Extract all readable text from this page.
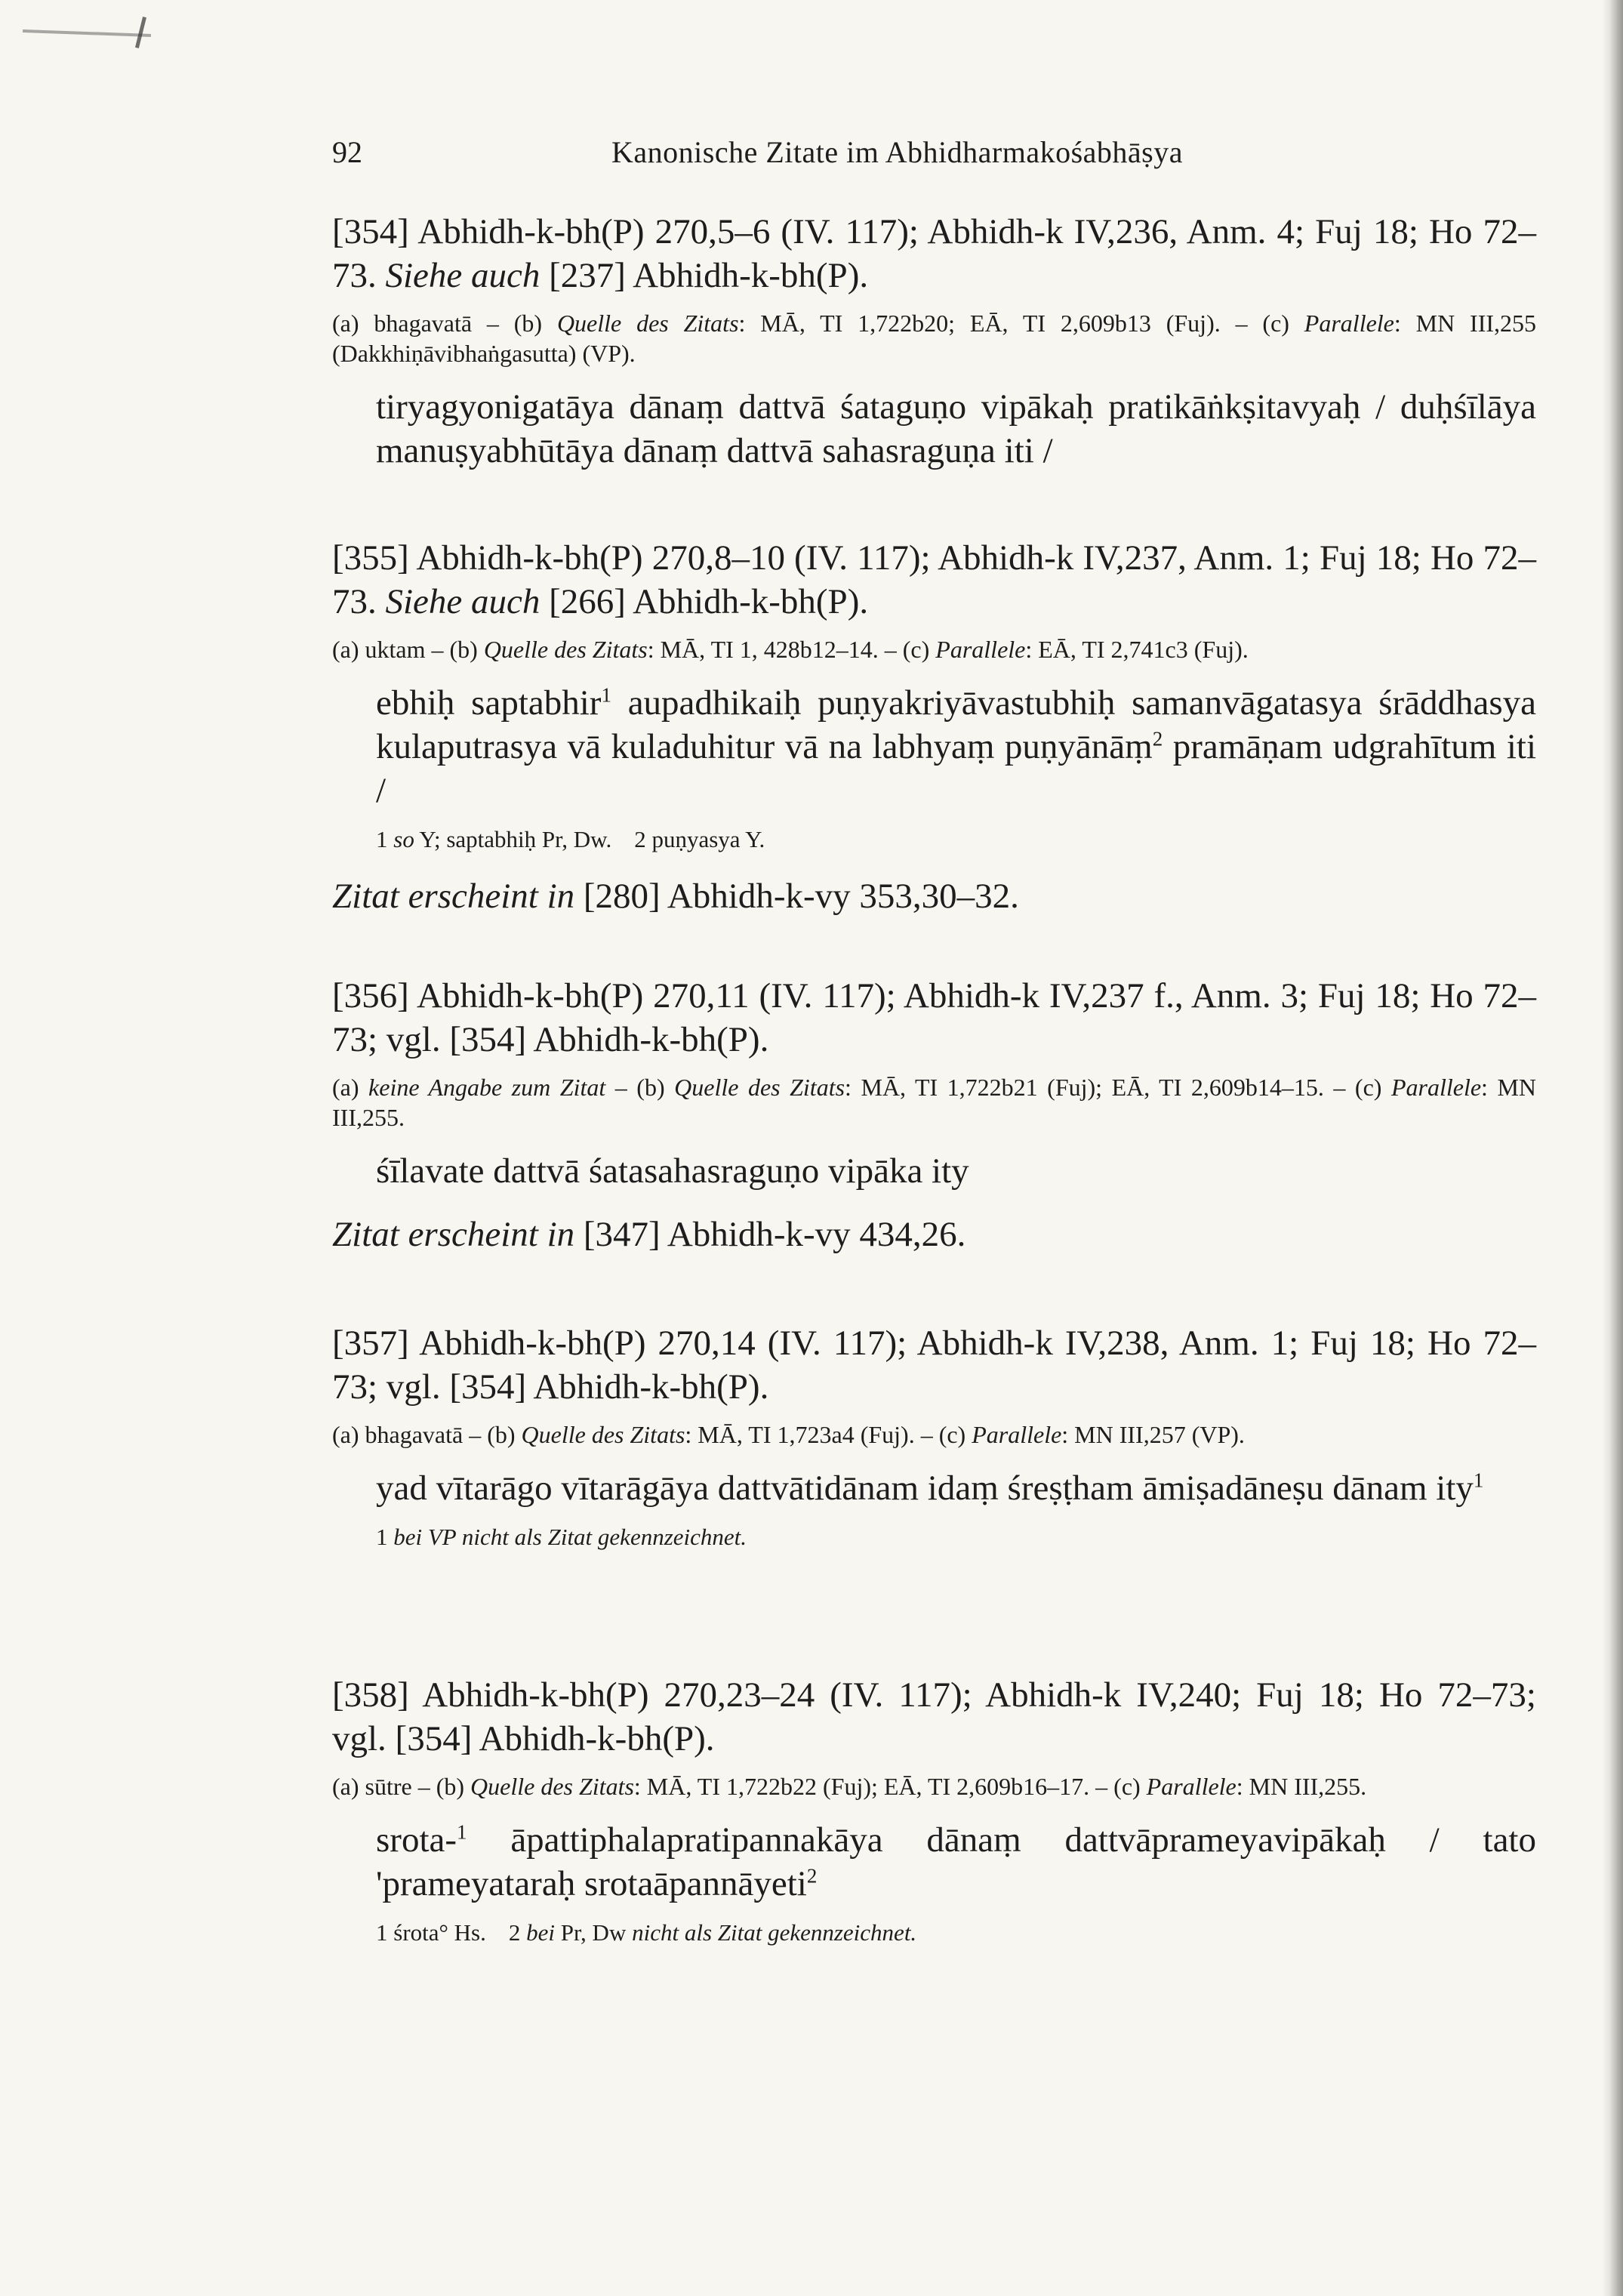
92	Kanonische Zitate im Abhidharmakośabhāṣya

[354] Abhidh-k-bh(P) 270,5–6 (IV. 117); Abhidh-k IV,236, Anm. 4; Fuj 18; Ho 72–73. Siehe auch [237] Abhidh-k-bh(P).

(a) bhagavatā – (b) Quelle des Zitats: MĀ, TI 1,722b20; EĀ, TI 2,609b13 (Fuj). – (c) Parallele: MN III,255 (Dakkhiṇāvibhaṅgasutta) (VP).

tiryagyonigatāya dānaṃ dattvā śataguṇo vipākaḥ pratikāṅkṣitavyaḥ / duḥśīlāya manuṣyabhūtāya dānaṃ dattvā sahasraguṇa iti /

[355] Abhidh-k-bh(P) 270,8–10 (IV. 117); Abhidh-k IV,237, Anm. 1; Fuj 18; Ho 72–73. Siehe auch [266] Abhidh-k-bh(P).

(a) uktam – (b) Quelle des Zitats: MĀ, TI 1, 428b12–14. – (c) Parallele: EĀ, TI 2,741c3 (Fuj).

ebhiḥ saptabhir$^1$ aupadhikaiḥ puṇyakriyāvastubhiḥ samanvāgatasya śrāddhasya kulaputrasya vā kuladuhitur vā na labhyaṃ puṇyānāṃ$^2$ pramāṇam udgrahītum iti /

1 so Y; saptabhiḥ Pr, Dw. 2 puṇyasya Y.

Zitat erscheint in [280] Abhidh-k-vy 353,30–32.

[356] Abhidh-k-bh(P) 270,11 (IV. 117); Abhidh-k IV,237 f., Anm. 3; Fuj 18; Ho 72–73; vgl. [354] Abhidh-k-bh(P).

(a) keine Angabe zum Zitat – (b) Quelle des Zitats: MĀ, TI 1,722b21 (Fuj); EĀ, TI 2,609b14–15. – (c) Parallele: MN III,255.

śīlavate dattvā śatasahasraguṇo vipāka ity

Zitat erscheint in [347] Abhidh-k-vy 434,26.

[357] Abhidh-k-bh(P) 270,14 (IV. 117); Abhidh-k IV,238, Anm. 1; Fuj 18; Ho 72–73; vgl. [354] Abhidh-k-bh(P).

(a) bhagavatā – (b) Quelle des Zitats: MĀ, TI 1,723a4 (Fuj). – (c) Parallele: MN III,257 (VP).

yad vītarāgo vītarāgāya dattvātidānam idaṃ śreṣṭham āmiṣadāneṣu dānam ity$^1$

1 bei VP nicht als Zitat gekennzeichnet.

[358] Abhidh-k-bh(P) 270,23–24 (IV. 117); Abhidh-k IV,240; Fuj 18; Ho 72–73; vgl. [354] Abhidh-k-bh(P).

(a) sūtre – (b) Quelle des Zitats: MĀ, TI 1,722b22 (Fuj); EĀ, TI 2,609b16–17. – (c) Parallele: MN III,255.

srota-$^1$ āpattiphalapratipannakāya dānaṃ dattvāprameyavipākaḥ / tato 'prameyataraḥ srotaāpannāyeti$^2$

1 śrota° Hs. 2 bei Pr, Dw nicht als Zitat gekennzeichnet.
